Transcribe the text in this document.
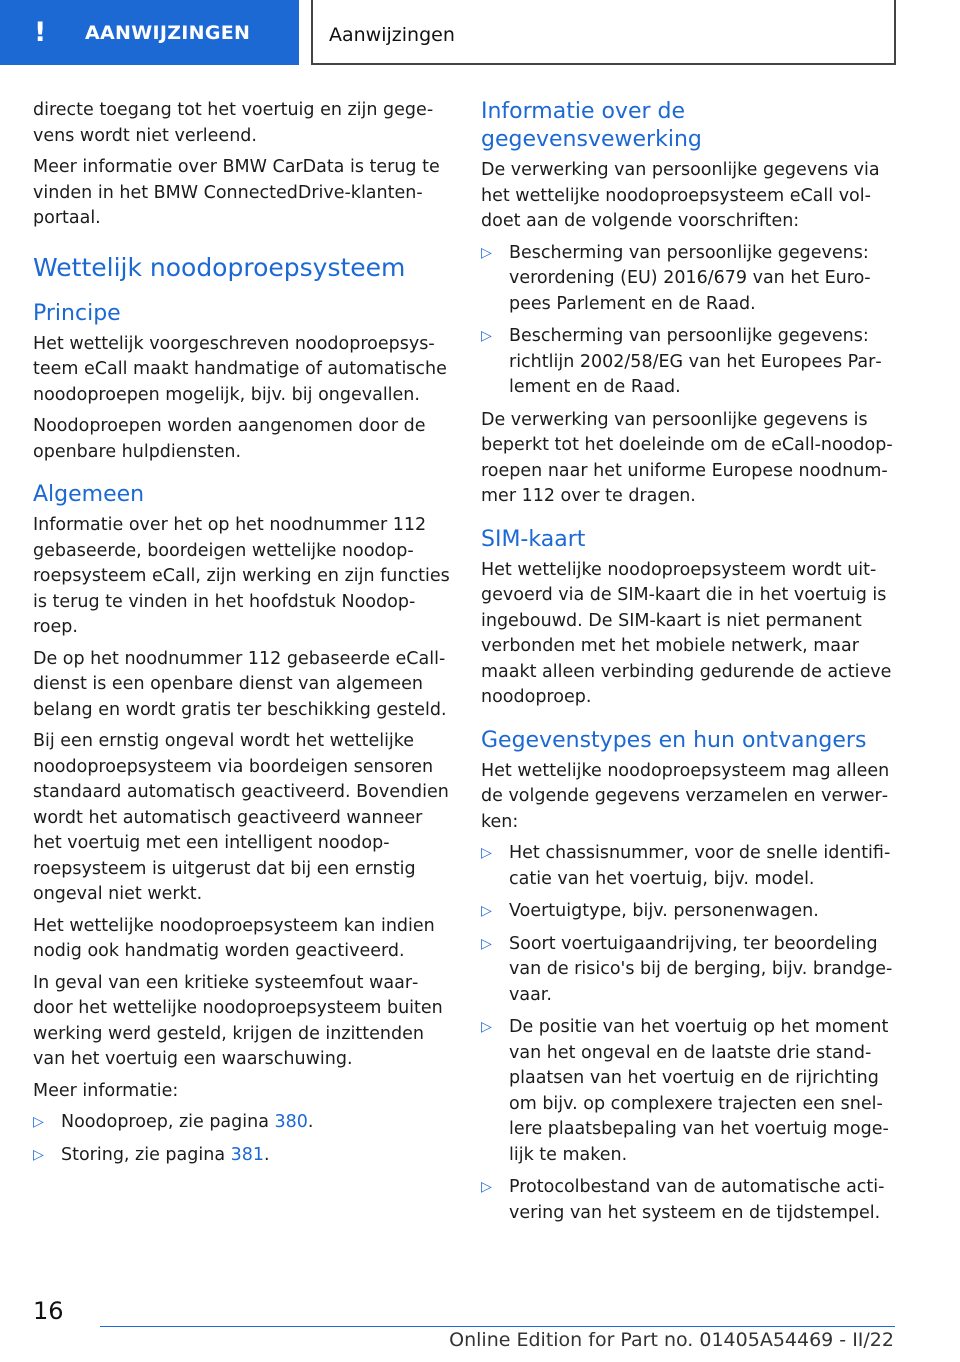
!	AANWIJZINGEN	Aanwijzingen

directe toegang tot het voertuig en zijn gegevens wordt niet verleend.

Meer informatie over BMW CarData is terug te vinden in het BMW ConnectedDrive-klantenportaal.

Wettelijk noodoproepsysteem
Principe

Het wettelijk voorgeschreven noodoproepsysteem eCall maakt handmatige of automatische noodoproepen mogelijk, bijv. bij ongevallen.

Noodoproepen worden aangenomen door de openbare hulpdiensten.

Algemeen

Informatie over het op het noodnummer 112 gebaseerde, boordeigen wettelijke noodoproepsysteem eCall, zijn werking en zijn functies is terug te vinden in het hoofdstuk Noodoproep.

De op het noodnummer 112 gebaseerde eCall-dienst is een openbare dienst van algemeen belang en wordt gratis ter beschikking gesteld.

Bij een ernstig ongeval wordt het wettelijke noodoproepsysteem via boordeigen sensoren standaard automatisch geactiveerd. Bovendien wordt het automatisch geactiveerd wanneer het voertuig met een intelligent noodoproepsysteem is uitgerust dat bij een ernstig ongeval niet werkt.

Het wettelijke noodoproepsysteem kan indien nodig ook handmatig worden geactiveerd.

In geval van een kritieke systeemfout waardoor het wettelijke noodoproepsysteem buiten werking werd gesteld, krijgen de inzittenden van het voertuig een waarschuwing.

Meer informatie:

▷ Noodoproep, zie pagina 380.
▷ Storing, zie pagina 381.
Informatie over de gegevensvewerking

De verwerking van persoonlijke gegevens via het wettelijke noodoproepsysteem eCall voldoet aan de volgende voorschriften:

▷ Bescherming van persoonlijke gegevens: verordening (EU) 2016/679 van het Europees Parlement en de Raad.
▷ Bescherming van persoonlijke gegevens: richtlijn 2002/58/EG van het Europees Parlement en de Raad.

De verwerking van persoonlijke gegevens is beperkt tot het doeleinde om de eCall-noodoproepen naar het uniforme Europese noodnummer 112 over te dragen.

SIM-kaart

Het wettelijke noodoproepsysteem wordt uitgevoerd via de SIM-kaart die in het voertuig is ingebouwd. De SIM-kaart is niet permanent verbonden met het mobiele netwerk, maar maakt alleen verbinding gedurende de actieve noodoproep.

Gegevenstypes en hun ontvangers

Het wettelijke noodoproepsysteem mag alleen de volgende gegevens verzamelen en verwerken:

▷ Het chassisnummer, voor de snelle identificatie van het voertuig, bijv. model.
▷ Voertuigtype, bijv. personenwagen.
▷ Soort voertuigaandrijving, ter beoordeling van de risico's bij de berging, bijv. brandgevaar.
▷ De positie van het voertuig op het moment van het ongeval en de laatste drie standplaatsen van het voertuig en de rijrichting om bijv. op complexere trajecten een snellere plaatsbepaling van het voertuig mogelijk te maken.
▷ Protocolbestand van de automatische activering van het systeem en de tijdstempel.
16
Online Edition for Part no. 01405A54469 - II/22
